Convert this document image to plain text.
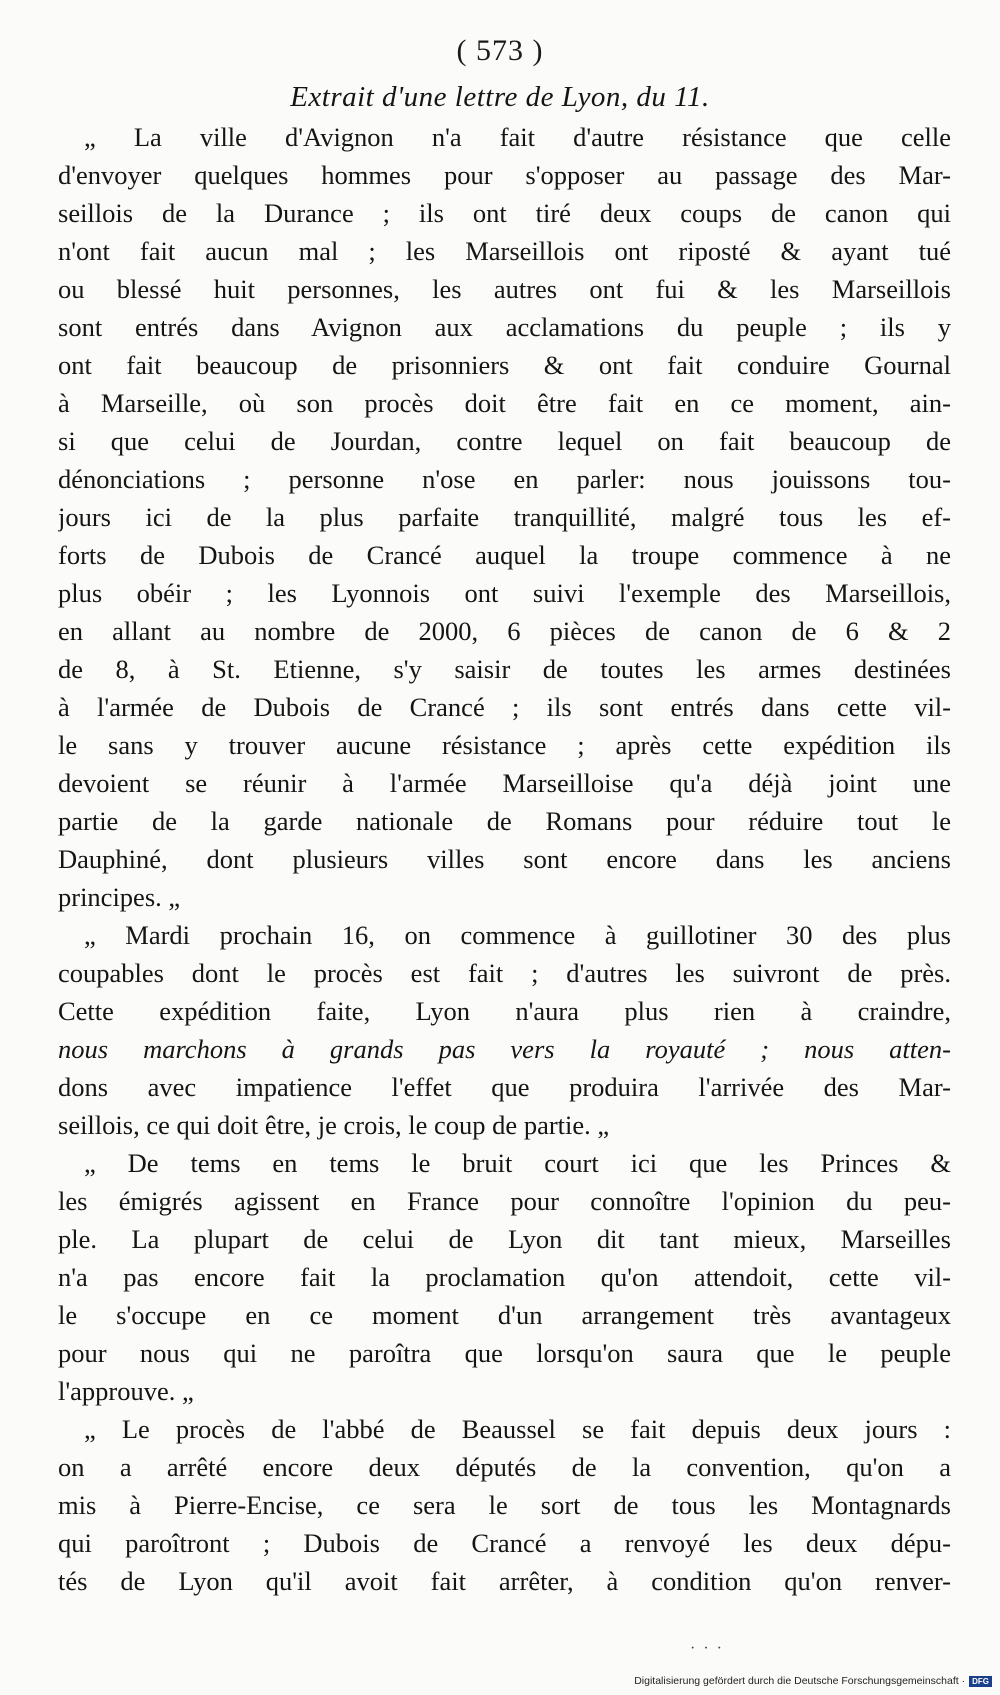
( 573 )
Extrait d'une lettre de Lyon, du 11.
„ La ville d'Avignon n'a fait d'autre résistance que celle
d'envoyer quelques hommes pour s'opposer au passage des Mar-
seillois de la Durance ; ils ont tiré deux coups de canon qui
n'ont fait aucun mal ; les Marseillois ont riposté & ayant tué
ou blessé huit personnes, les autres ont fui & les Marseillois
sont entrés dans Avignon aux acclamations du peuple ; ils y
ont fait beaucoup de prisonniers & ont fait conduire Gournal
à Marseille, où son procès doit être fait en ce moment, ain-
si que celui de Jourdan, contre lequel on fait beaucoup de
dénonciations ; personne n'ose en parler: nous jouissons tou-
jours ici de la plus parfaite tranquillité, malgré tous les ef-
forts de Dubois de Crancé auquel la troupe commence à ne
plus obéir ; les Lyonnois ont suivi l'exemple des Marseillois,
en allant au nombre de 2000, 6 pièces de canon de 6 & 2
de 8, à St. Etienne, s'y saisir de toutes les armes destinées
à l'armée de Dubois de Crancé ; ils sont entrés dans cette vil-
le sans y trouver aucune résistance ; après cette expédition ils
devoient se réunir à l'armée Marseilloise qu'a déjà joint une
partie de la garde nationale de Romans pour réduire tout le
Dauphiné, dont plusieurs villes sont encore dans les anciens
principes. „
„ Mardi prochain 16, on commence à guillotiner 30 des plus
coupables dont le procès est fait ; d'autres les suivront de près.
Cette expédition faite, Lyon n'aura plus rien à craindre,
nous marchons à grands pas vers la royauté ; nous atten-
dons avec impatience l'effet que produira l'arrivée des Mar-
seillois, ce qui doit être, je crois, le coup de partie. „
„ De tems en tems le bruit court ici que les Princes &
les émigrés agissent en France pour connoître l'opinion du peu-
ple. La plupart de celui de Lyon dit tant mieux, Marseilles
n'a pas encore fait la proclamation qu'on attendoit, cette vil-
le s'occupe en ce moment d'un arrangement très avantageux
pour nous qui ne paroîtra que lorsqu'on saura que le peuple
l'approuve. „
„ Le procès de l'abbé de Beaussel se fait depuis deux jours :
on a arrêté encore deux députés de la convention, qu'on a
mis à Pierre-Encise, ce sera le sort de tous les Montagnards
qui paroîtront ; Dubois de Crancé a renvoyé les deux dépu-
tés de Lyon qu'il avoit fait arrêter, à condition qu'on renver-
· · ·
Digitalisierung gefördert durch die Deutsche Forschungsgemeinschaft · DFG
